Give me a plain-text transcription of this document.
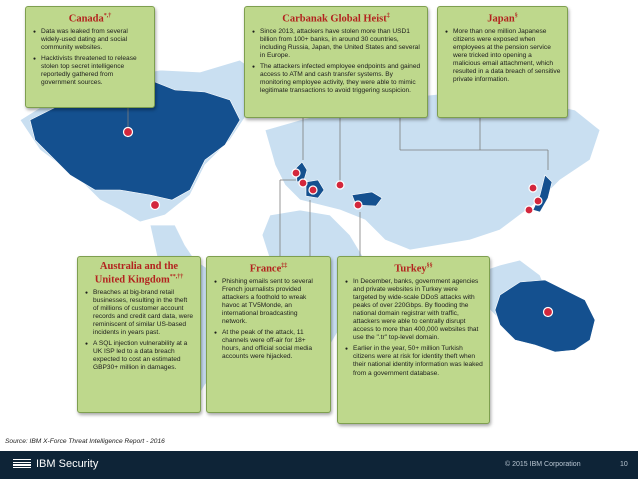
Canada*,†
● Data was leaked from several widely-used dating and social community websites.
● Hacktivists threatened to release stolen top secret intelligence reportedly gathered from government sources.
Carbanak Global Heist‡
● Since 2013, attackers have stolen more than USD1 billion from 100+ banks, in around 30 countries, including Russia, Japan, the United States and several in Europe.
● The attackers infected employee endpoints and gained access to ATM and cash transfer systems. By monitoring employee activity, they were able to mimic legitimate transactions to avoid triggering suspicion.
Japan§
● More than one million Japanese citizens were exposed when employees at the pension service were tricked into opening a malicious email attachment, which resulted in a data breach of sensitive private information.
Australia and the United Kingdom**,††
● Breaches at big-brand retail businesses, resulting in the theft of millions of customer account records and credit card data, were reminiscent of similar US-based incidents in years past.
● A SQL injection vulnerability at a UK ISP led to a data breach expected to cost an estimated GBP30+ million in damages.
France‡‡
● Phishing emails sent to several French journalists provided attackers a foothold to wreak havoc at TV5Monde, an international broadcasting network.
● At the peak of the attack, 11 channels were off-air for 18+ hours, and official social media accounts were hijacked.
Turkey§§
● In December, banks, government agencies and private websites in Turkey were targeted by wide-scale DDoS attacks with peaks of over 220Gbps. By flooding the national domain registrar with traffic, attackers were able to centrally disrupt access to more than 400,000 websites that use the ".tr" top-level domain.
● Earlier in the year, 50+ million Turkish citizens were at risk for identity theft when their national identity information was leaked from a government database.
Source: IBM X-Force Threat Intelligence Report - 2016
IBM Security	© 2015 IBM Corporation	10
